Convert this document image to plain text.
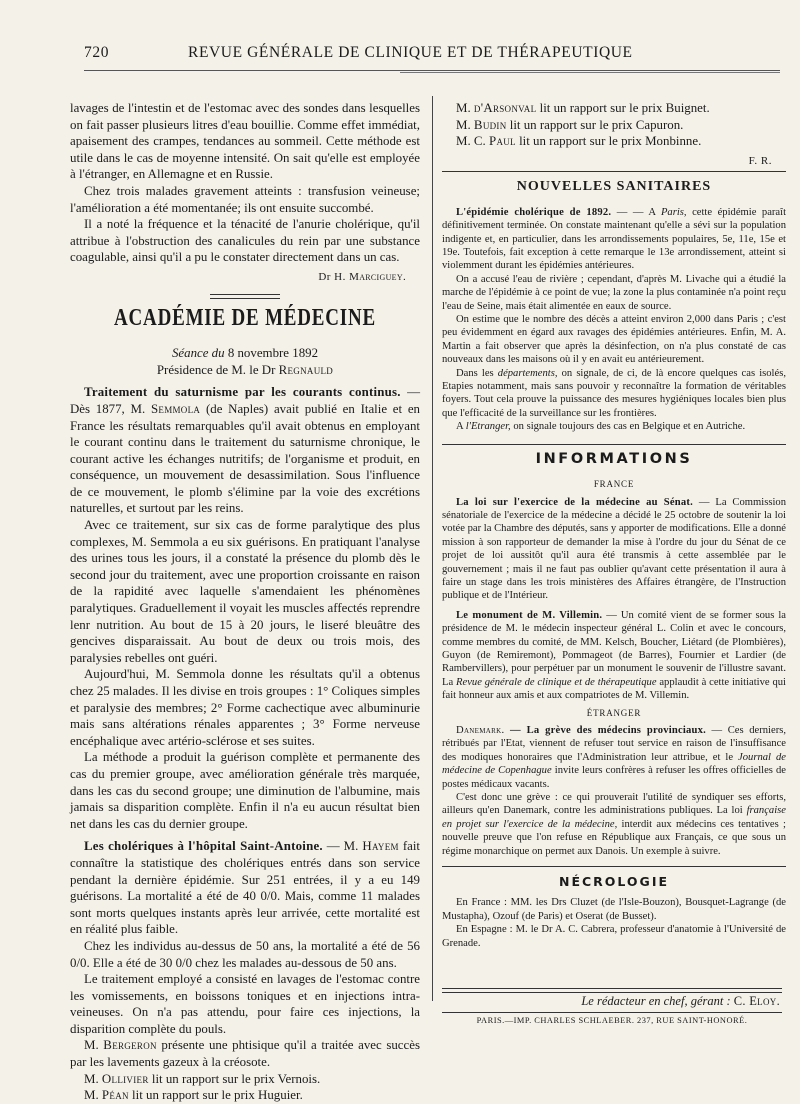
720	REVUE GÉNÉRALE DE CLINIQUE ET DE THÉRAPEUTIQUE

lavages de l'intestin et de l'estomac avec des sondes dans lesquelles on fait passer plusieurs litres d'eau bouillie. Comme effet immédiat, apaisement des crampes, tendances au sommeil. Cette méthode est utile dans le cas de moyenne intensité. On sait qu'elle est employée à l'étranger, en Allemagne et en Russie.

Chez trois malades gravement atteints : transfusion veineuse; l'amélioration a été momentanée; ils ont ensuite succombé.

Il a noté la fréquence et la ténacité de l'anurie cholérique, qu'il attribue à l'obstruction des canalicules du rein par une substance coagulable, ainsi qu'il a pu le constater directement dans un cas.

Dr H. Marciguey.

ACADÉMIE DE MÉDECINE

Séance du 8 novembre 1892

Présidence de M. le Dr Regnauld

Traitement du saturnisme par les courants continus. — Dès 1877, M. Semmola (de Naples) avait publié en Italie et en France les résultats remarquables qu'il avait obtenus en employant le courant continu dans le traitement du saturnisme chronique, le courant active les échanges nutritifs; de l'organisme et produit, en conséquence, un mouvement de desassimilation. Sous l'influence de ce mouvement, le plomb s'élimine par la voie des excrétions naturelles, et surtout par les reins.

Avec ce traitement, sur six cas de forme paralytique des plus complexes, M. Semmola a eu six guérisons. En pratiquant l'analyse des urines tous les jours, il a constaté la présence du plomb dès le second jour du traitement, avec une proportion croissante en raison de la rapidité avec laquelle s'amendaient les phénomènes paralytiques. Graduellement il voyait les muscles affectés reprendre lenr nutrition. Au bout de 15 à 20 jours, le liseré bleuâtre des gencives disparaissait. Au bout de deux ou trois mois, des paralysies rebelles ont guéri.

Aujourd'hui, M. Semmola donne les résultats qu'il a obtenus chez 25 malades. Il les divise en trois groupes : 1° Coliques simples et paralysie des membres; 2° Forme cachectique avec albuminurie mais sans altérations rénales apparentes ; 3° Forme nerveuse encéphalique avec artério-sclérose et ses suites.

La méthode a produit la guérison complète et permanente des cas du premier groupe, avec amélioration générale très marquée, dans les cas du second groupe; une diminution de l'albumine, mais jamais sa disparition complète. Enfin il n'a eu aucun résultat bien net dans les cas du dernier groupe.

Les cholériques à l'hôpital Saint-Antoine. — M. Hayem fait connaître la statistique des cholériques entrés dans son service pendant la dernière épidémie. Sur 251 entrées, il y a eu 149 guérisons. La mortalité a été de 40 0/0. Mais, comme 11 malades sont morts quelques instants après leur arrivée, cette mortalité est en réalité plus faible.

Chez les individus au-dessus de 50 ans, la mortalité a été de 56 0/0. Elle a été de 30 0/0 chez les malades au-dessous de 50 ans.

Le traitement employé a consisté en lavages de l'estomac contre les vomissements, en boissons toniques et en injections intra-veineuses. On n'a pas attendu, pour faire ces injections, la disparition complète du pouls.

M. Bergeron présente une phtisique qu'il a traitée avec succès par les lavements gazeux à la créosote.

M. Ollivier lit un rapport sur le prix Vernois.

M. Péan lit un rapport sur le prix Huguier.

M. d'Arsonval lit un rapport sur le prix Buignet.

M. Budin lit un rapport sur le prix Capuron.

M. C. Paul lit un rapport sur le prix Monbinne.

F. R.

NOUVELLES SANITAIRES

L'épidémie cholérique de 1892. — — A Paris, cette épidémie paraît définitivement terminée. On constate maintenant qu'elle a sévi sur la population indigente et, en particulier, dans les arrondissements populaires, 5e, 11e, 15e et 19e. Toutefois, fait exception à cette remarque le 13e arrondissement, atteint si violemment durant les épidémies antérieures.

On a accusé l'eau de rivière ; cependant, d'après M. Livache qui a étudié la marche de l'épidémie à ce point de vue; la zone la plus contaminée n'a point reçu l'eau de Seine, mais était alimentée en eaux de source.

On estime que le nombre des décès a atteint environ 2,000 dans Paris ; c'est peu évidemment en égard aux ravages des épidémies antérieures. Enfin, M. A. Martin a fait observer que après la désinfection, on n'a plus constaté de cas nouveaux dans les maisons où il y en avait eu antérieurement.

Dans les départements, on signale, de ci, de là encore quelques cas isolés, Etapies notamment, mais sans pouvoir y reconnaître la formation de véritables foyers. Tout cela prouve la puissance des mesures hygiéniques locales bien plus que l'efficacité de la surveillance sur les frontières.

A l'Etranger, on signale toujours des cas en Belgique et en Autriche.

INFORMATIONS
FRANCE

La loi sur l'exercice de la médecine au Sénat. — La Commission sénatoriale de l'exercice de la médecine a décidé le 25 octobre de soutenir la loi votée par la Chambre des députés, sans y apporter de modifications. Elle a donné mission à son rapporteur de demander la mise à l'ordre du jour du Sénat de ce projet de loi aussitôt qu'il aura été transmis à cette assemblée par le gouvernement ; mais il ne faut pas oublier qu'avant cette présentation il aura à faire un stage dans les trois ministères des Affaires étrangère, de l'Instruction publique et de l'Intérieur.

Le monument de M. Villemin. — Un comité vient de se former sous la présidence de M. le médecin inspecteur général L. Colin et avec le concours, comme membres du comité, de MM. Kelsch, Boucher, Liétard (de Plombières), Guyon (de Remiremont), Pommageot (de Barres), Fournier et Lardier (de Rambervillers), pour perpétuer par un monument le souvenir de l'illustre savant. La Revue générale de clinique et de thérapeutique applaudit à cette initiative qui fait honneur aux amis et aux compatriotes de M. Villemin.

ÉTRANGER

Danemark. — La grève des médecins provinciaux. — Ces derniers, rétribués par l'Etat, viennent de refuser tout service en raison de l'insuffisance des modiques honoraires que l'Administration leur attribue, et le Journal de médecine de Copenhague invite leurs confrères à refuser les offres officielles de postes médicaux vacants.

C'est donc une grève : ce qui prouverait l'utilité de syndiquer ses efforts, ailleurs qu'en Danemark, contre les administrations publiques. La loi française en projet sur l'exercice de la médecine, interdit aux médecins ces tentatives ; nouvelle preuve que l'on refuse en République aux Français, ce que sous un régime monarchique on permet aux Danois. Un exemple à suivre.

NÉCROLOGIE

En France : MM. les Drs Cluzet (de l'Isle-Bouzon), Bousquet-Lagrange (de Mustapha), Ozouf (de Paris) et Oserat (de Busset).

En Espagne : M. le Dr A. C. Cabrera, professeur d'anatomie à l'Université de Grenade.

Le rédacteur en chef, gérant : C. Eloy.
PARIS.—IMP. CHARLES SCHLAEBER. 237, RUE SAINT-HONORÉ.
